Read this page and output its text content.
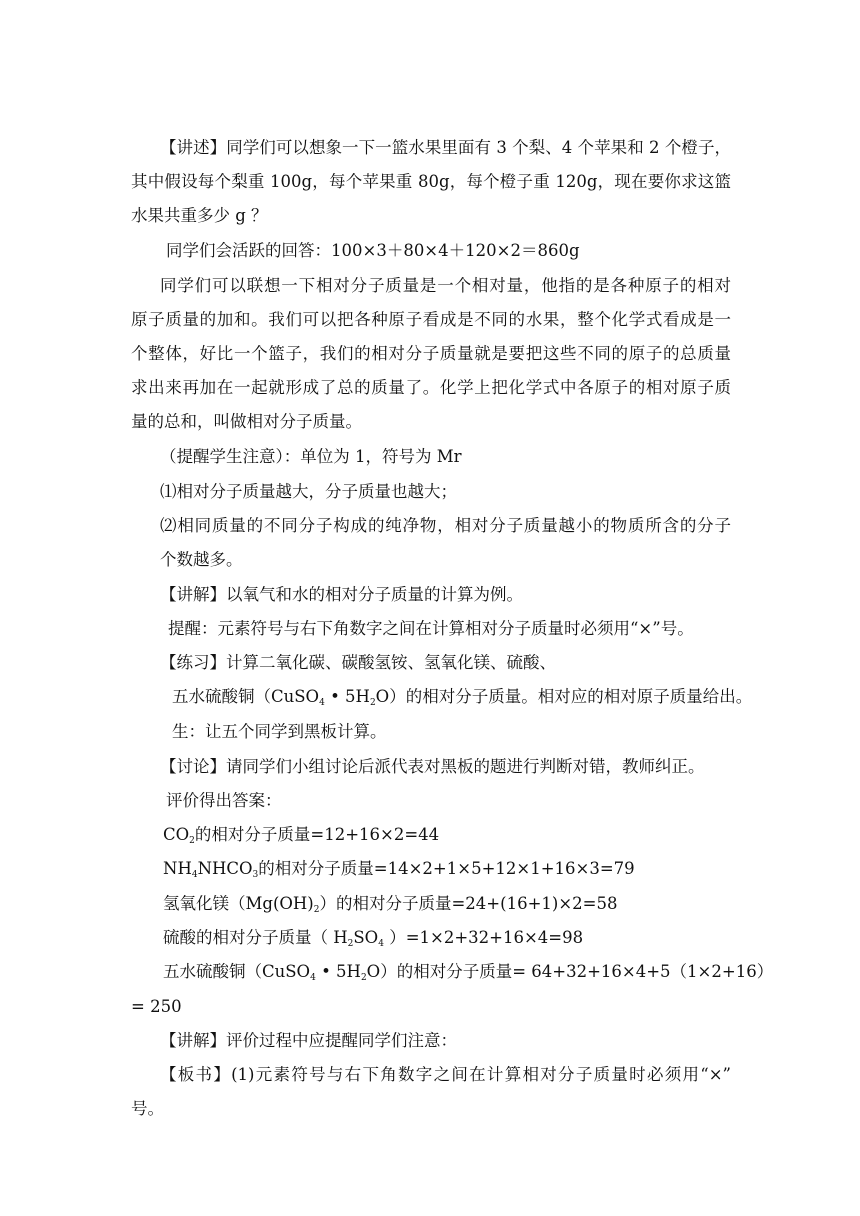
【讲述】同学们可以想象一下一篮水果里面有 3 个梨、4 个苹果和 2 个橙子，
其中假设每个梨重 100g，每个苹果重 80g，每个橙子重 120g，现在要你求这篮
水果共重多少 g ？
同学们会活跃的回答：100×3＋80×4＋120×2＝860g
同学们可以联想一下相对分子质量是一个相对量，他指的是各种原子的相对
原子质量的加和。我们可以把各种原子看成是不同的水果，整个化学式看成是一
个整体，好比一个篮子，我们的相对分子质量就是要把这些不同的原子的总质量
求出来再加在一起就形成了总的质量了。化学上把化学式中各原子的相对原子质
量的总和，叫做相对分子质量。
（提醒学生注意）：单位为 1，符号为 Mr
⑴相对分子质量越大，分子质量也越大；
⑵相同质量的不同分子构成的纯净物，相对分子质量越小的物质所含的分子
个数越多。
【讲解】以氧气和水的相对分子质量的计算为例。
提醒：元素符号与右下角数字之间在计算相对分子质量时必须用“×”号。
【练习】计算二氧化碳、碳酸氢铵、氢氧化镁、硫酸、
五水硫酸铜（CuSO$_4$ • $5H_2O$）的相对分子质量。相对应的相对原子质量给出。
生：让五个同学到黑板计算。
【讨论】请同学们小组讨论后派代表对黑板的题进行判断对错，教师纠正。
评价得出答案：
$CO_2$的相对分子质量=12+16×2=44
$NH_4NHCO_3$的相对分子质量=14×2+1×5+12×1+16×3=79
氢氧化镁$(Mg(OH)_2)$的相对分子质量=24+(16+1)×2=58
硫酸的相对分子质量（ $H_2SO_4$ ）=1×2+32+16×4=98
五水硫酸铜（CuSO$_4$ • $5H_2O$）的相对分子质量= 64+32+16×4+5（1×2+16）
= 250
【讲解】评价过程中应提醒同学们注意：
【板书】(1)元素符号与右下角数字之间在计算相对分子质量时必须用“×”
号。
